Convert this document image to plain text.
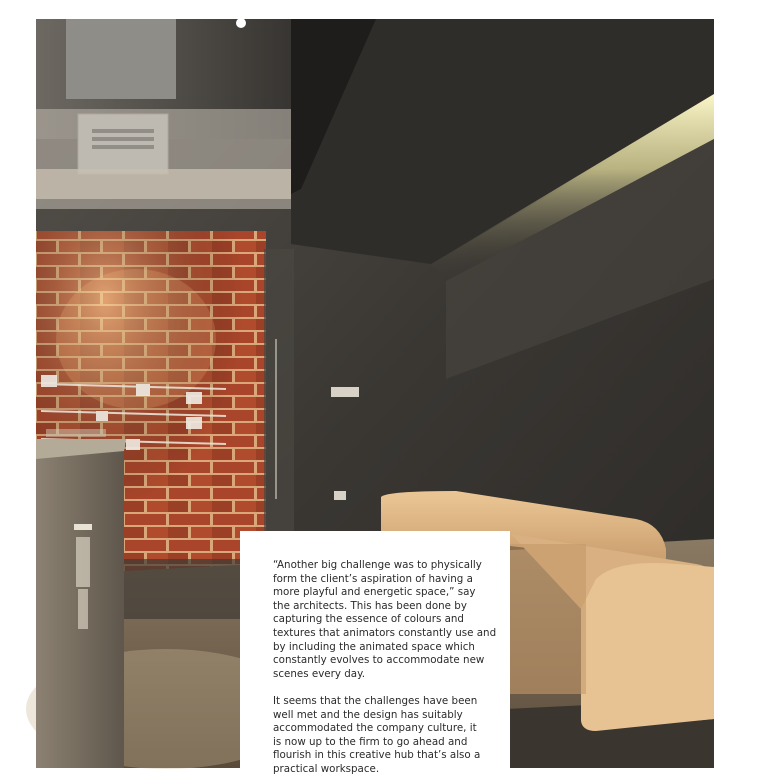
“Another big challenge was to physically
form the client’s aspiration of having a
more playful and energetic space,” say
the architects. This has been done by
capturing the essence of colours and
textures that animators constantly use and
by including the animated space which
constantly evolves to accommodate new
scenes every day.

It seems that the challenges have been
well met and the design has suitably
accommodated the company culture, it
is now up to the firm to go ahead and
flourish in this creative hub that’s also a
practical workspace.
